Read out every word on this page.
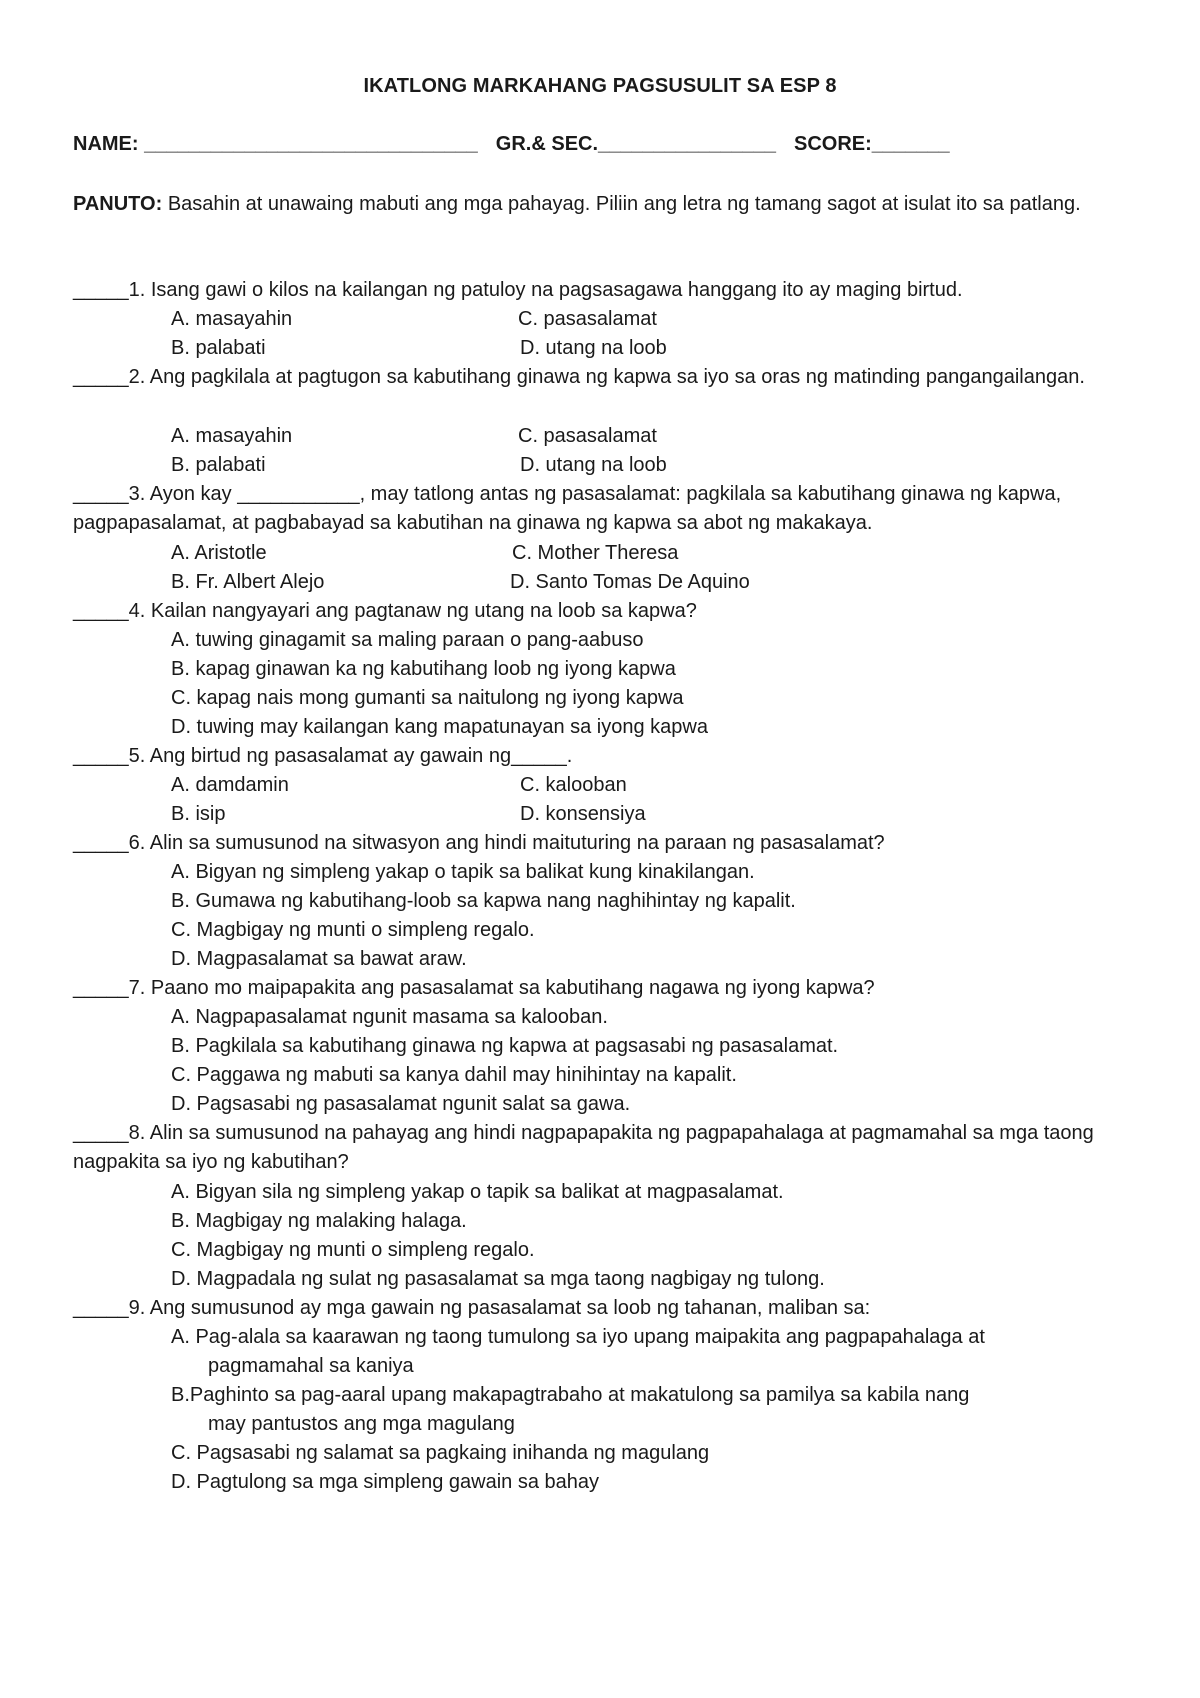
IKATLONG MARKAHANG PAGSUSULIT SA ESP 8
NAME: ______________________________ GR.& SEC.________________ SCORE:_______
PANUTO: Basahin at unawaing mabuti ang mga pahayag. Piliin ang letra ng tamang sagot at isulat ito sa patlang.
_____1. Isang gawi o kilos na kailangan ng patuloy na pagsasagawa hanggang ito ay maging birtud.
A. masayahin	C. pasasalamat
B. palabati	D. utang na loob
_____2. Ang pagkilala at pagtugon sa kabutihang ginawa ng kapwa sa iyo sa oras ng matinding pangangailangan.
A. masayahin	C. pasasalamat
B. palabati	D. utang na loob
_____3. Ayon kay ___________, may tatlong antas ng pasasalamat: pagkilala sa kabutihang ginawa ng kapwa, pagpapasalamat, at pagbabayad sa kabutihan na ginawa ng kapwa sa abot ng makakaya.
A. Aristotle	C. Mother Theresa
B. Fr. Albert Alejo	D. Santo Tomas De Aquino
_____4. Kailan nangyayari ang pagtanaw ng utang na loob sa kapwa?
A. tuwing ginagamit sa maling paraan o pang-aabuso
B. kapag ginawan ka ng kabutihang loob ng iyong kapwa
C. kapag nais mong gumanti sa naitulong ng iyong kapwa
D. tuwing may kailangan kang mapatunayan sa iyong kapwa
_____5. Ang birtud ng pasasalamat ay gawain ng_____.
A. damdamin	C. kalooban
B. isip	D. konsensiya
_____6. Alin sa sumusunod na sitwasyon ang hindi maituturing na paraan ng pasasalamat?
A. Bigyan ng simpleng yakap o tapik sa balikat kung kinakilangan.
B. Gumawa ng kabutihang-loob sa kapwa nang naghihintay ng kapalit.
C. Magbigay ng munti o simpleng regalo.
D. Magpasalamat sa bawat araw.
_____7. Paano mo maipapakita ang pasasalamat sa kabutihang nagawa ng iyong kapwa?
A. Nagpapasalamat ngunit masama sa kalooban.
B. Pagkilala sa kabutihang ginawa ng kapwa at pagsasabi ng pasasalamat.
C. Paggawa ng mabuti sa kanya dahil may hinihintay na kapalit.
D. Pagsasabi ng pasasalamat ngunit salat sa gawa.
_____8. Alin sa sumusunod na pahayag ang hindi nagpapapakita ng pagpapahalaga at pagmamahal sa mga taong nagpakita sa iyo ng kabutihan?
A. Bigyan sila ng simpleng yakap o tapik sa balikat at magpasalamat.
B. Magbigay ng malaking halaga.
C. Magbigay ng munti o simpleng regalo.
D. Magpadala ng sulat ng pasasalamat sa mga taong nagbigay ng tulong.
_____9. Ang sumusunod ay mga gawain ng pasasalamat sa loob ng tahanan, maliban sa:
A. Pag-alala sa kaarawan ng taong tumulong sa iyo upang maipakita ang pagpapahalaga at
pagmamahal sa kaniya
B.Paghinto sa pag-aaral upang makapagtrabaho at makatulong sa pamilya sa kabila nang
may pantustos ang mga magulang
C. Pagsasabi ng salamat sa pagkaing inihanda ng magulang
D. Pagtulong sa mga simpleng gawain sa bahay
